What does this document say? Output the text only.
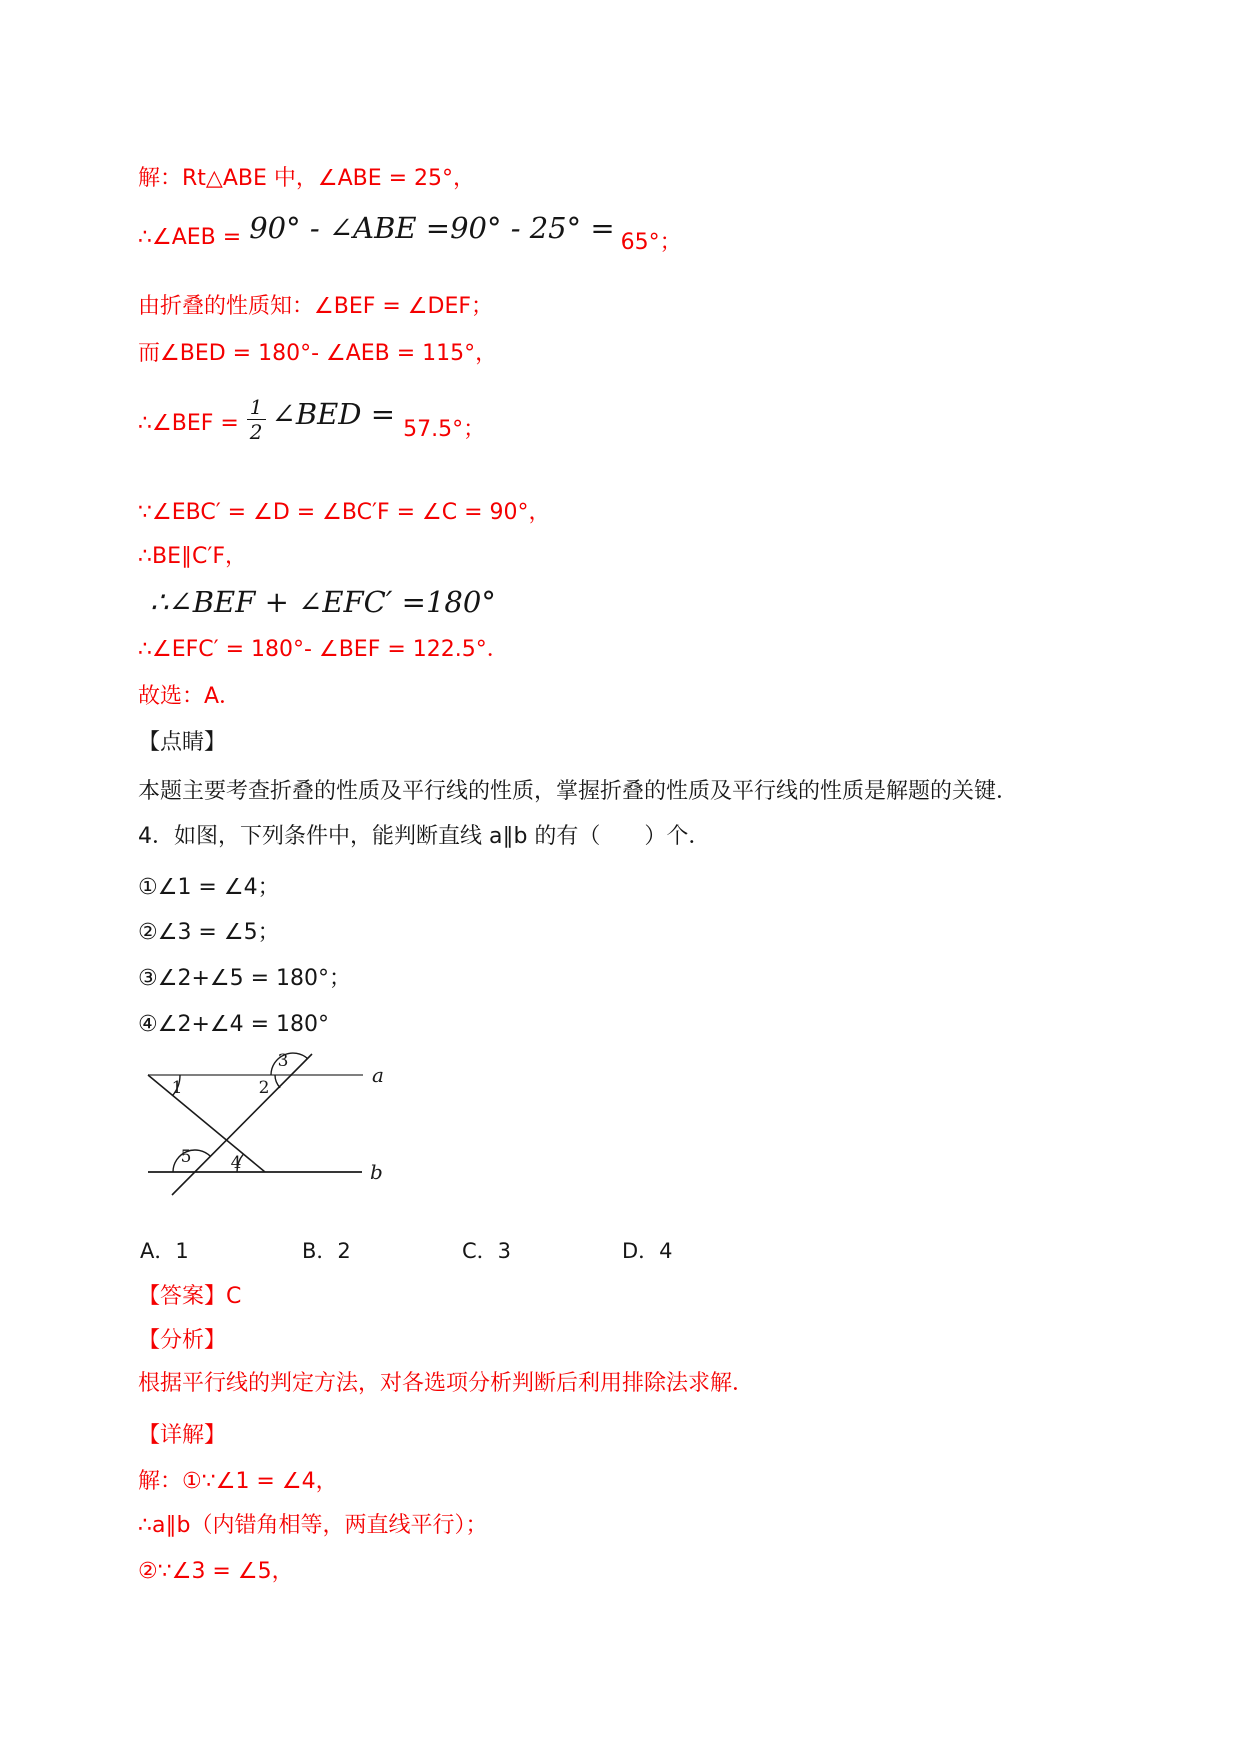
解：Rt△ABE 中，∠ABE = 25°，
∴∠AEB = 90° - ∠ABE =90° - 25° = 65°；
由折叠的性质知：∠BEF = ∠DEF；
而∠BED = 180°- ∠AEB = 115°，
∴∠BEF = $\frac{1}{2}$ ∠BED = 57.5°；
∵∠EBC′ = ∠D = ∠BC′F = ∠C = 90°，
∴BE∥C′F，
∴∠BEF + ∠EFC′ =180°
∴∠EFC′ = 180°- ∠BEF = 122.5°．
故选：A．
【点睛】
本题主要考查折叠的性质及平行线的性质，掌握折叠的性质及平行线的性质是解题的关键．
4．如图，下列条件中，能判断直线 a∥b 的有（　　）个．
①∠1 = ∠4；
②∠3 = ∠5；
③∠2+∠5 = 180°；
④∠2+∠4 = 180°
a
b
1	2
3
4
5
A．1	B．2	C．3	D．4
【答案】C
【分析】
根据平行线的判定方法，对各选项分析判断后利用排除法求解．
【详解】
解：①∵∠1 = ∠4，
∴a∥b（内错角相等，两直线平行）；
②∵∠3 = ∠5，
